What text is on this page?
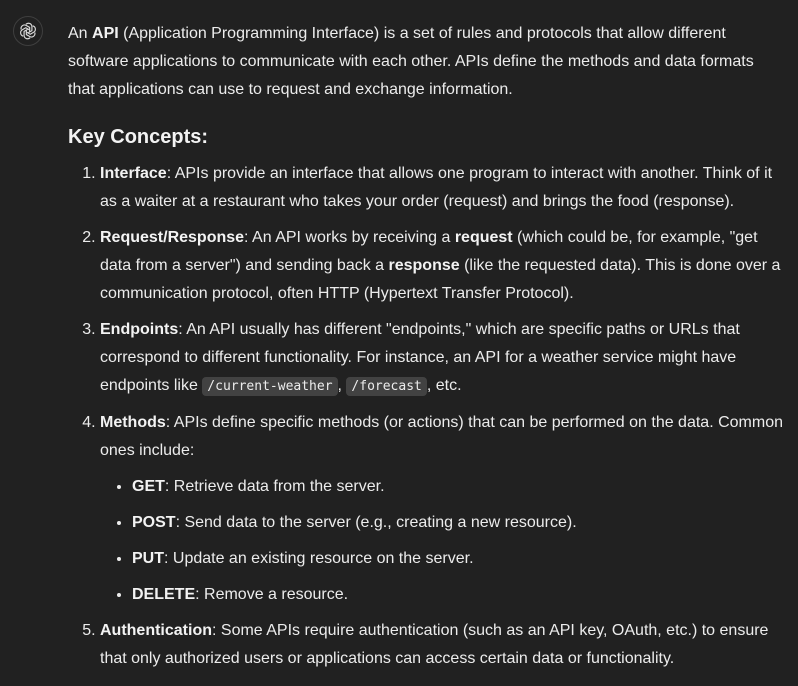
An API (Application Programming Interface) is a set of rules and protocols that allow different software applications to communicate with each other. APIs define the methods and data formats that applications can use to request and exchange information.

Key Concepts:
1. Interface: APIs provide an interface that allows one program to interact with another. Think of it as a waiter at a restaurant who takes your order (request) and brings the food (response).
2. Request/Response: An API works by receiving a request (which could be, for example, "get data from a server") and sending back a response (like the requested data). This is done over a communication protocol, often HTTP (Hypertext Transfer Protocol).
3. Endpoints: An API usually has different "endpoints," which are specific paths or URLs that correspond to different functionality. For instance, an API for a weather service might have endpoints like /current-weather , /forecast , etc.
4. Methods: APIs define specific methods (or actions) that can be performed on the data. Common ones include:
• GET: Retrieve data from the server.
• POST: Send data to the server (e.g., creating a new resource).
• PUT: Update an existing resource on the server.
• DELETE: Remove a resource.
5. Authentication: Some APIs require authentication (such as an API key, OAuth, etc.) to ensure that only authorized users or applications can access certain data or functionality.
